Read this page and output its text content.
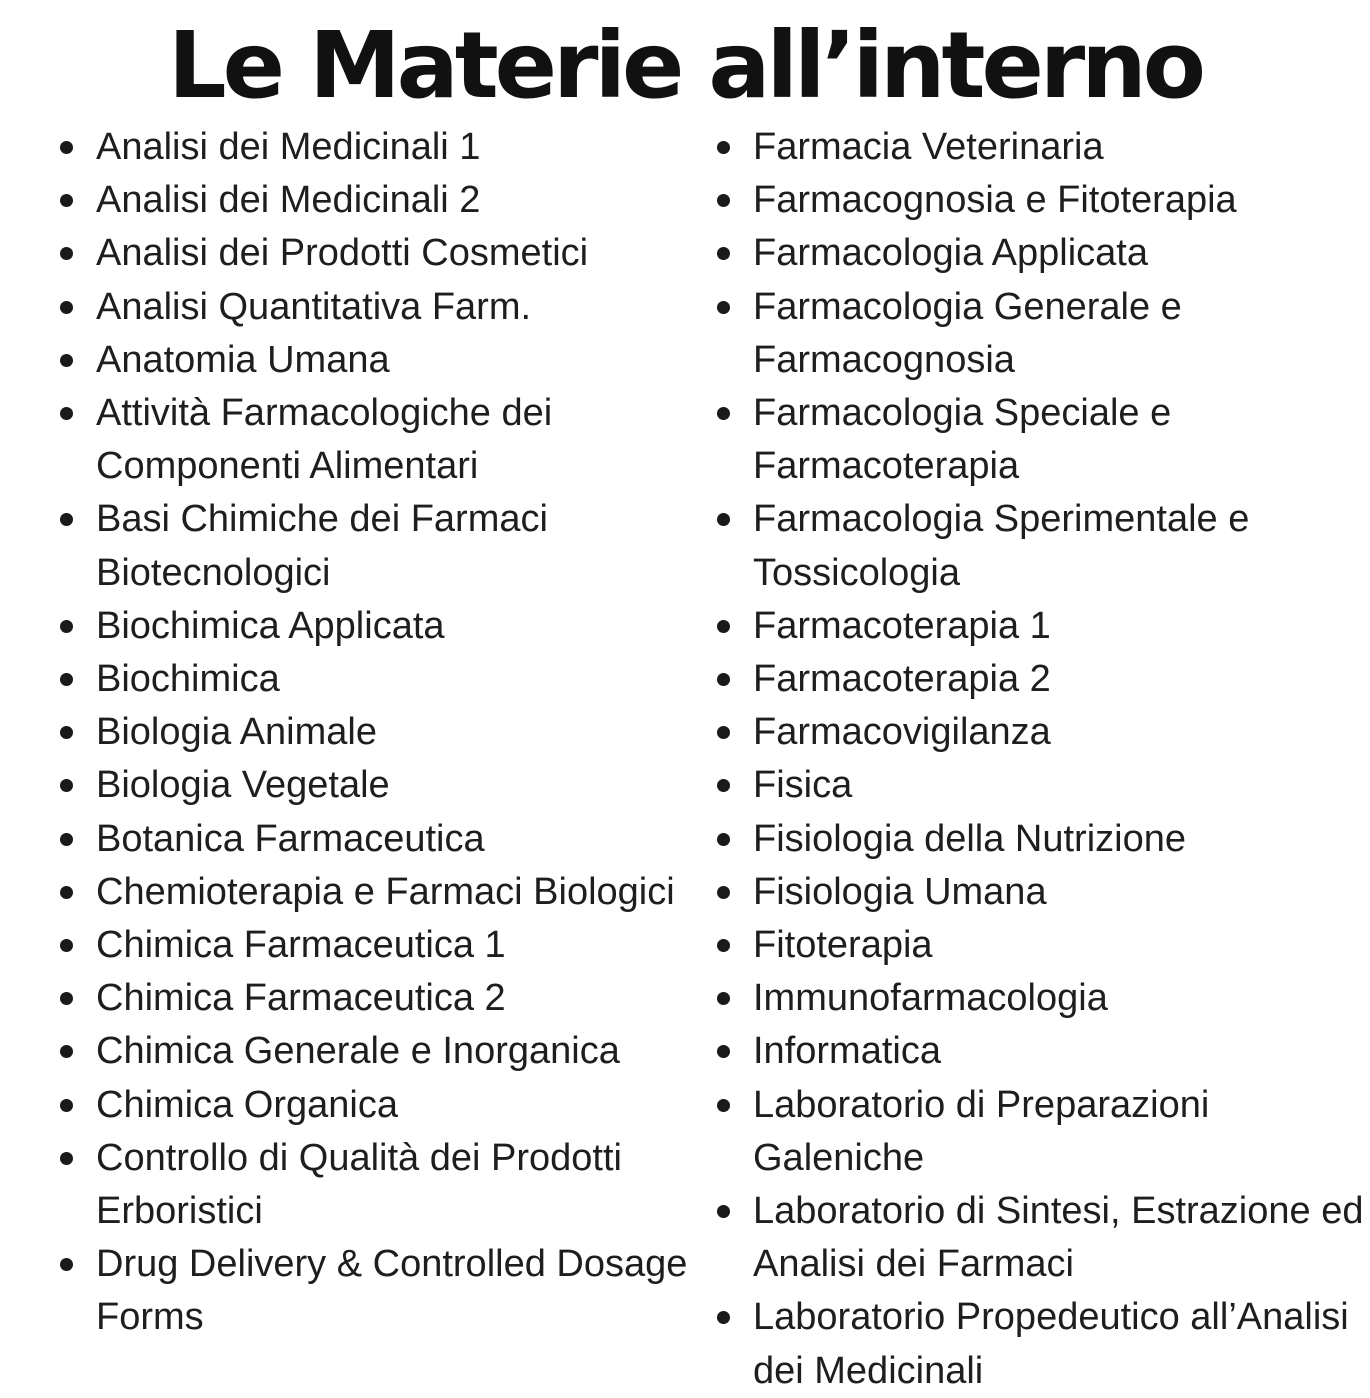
Le Materie all’interno
Analisi dei Medicinali 1
Analisi dei Medicinali 2
Analisi dei Prodotti Cosmetici
Analisi Quantitativa Farm.
Anatomia Umana
Attività Farmacologiche dei Componenti Alimentari
Basi Chimiche dei Farmaci Biotecnologici
Biochimica Applicata
Biochimica
Biologia Animale
Biologia Vegetale
Botanica Farmaceutica
Chemioterapia e Farmaci Biologici
Chimica Farmaceutica 1
Chimica Farmaceutica 2
Chimica Generale e Inorganica
Chimica Organica
Controllo di Qualità dei Prodotti Erboristici
Drug Delivery & Controlled Dosage Forms
Farmacia Veterinaria
Farmacognosia e Fitoterapia
Farmacologia Applicata
Farmacologia Generale e Farmacognosia
Farmacologia Speciale e Farmacoterapia
Farmacologia Sperimentale e Tossicologia
Farmacoterapia 1
Farmacoterapia 2
Farmacovigilanza
Fisica
Fisiologia della Nutrizione
Fisiologia Umana
Fitoterapia
Immunofarmacologia
Informatica
Laboratorio di Preparazioni Galeniche
Laboratorio di Sintesi, Estrazione ed Analisi dei Farmaci
Laboratorio Propedeutico all’Analisi dei Medicinali
